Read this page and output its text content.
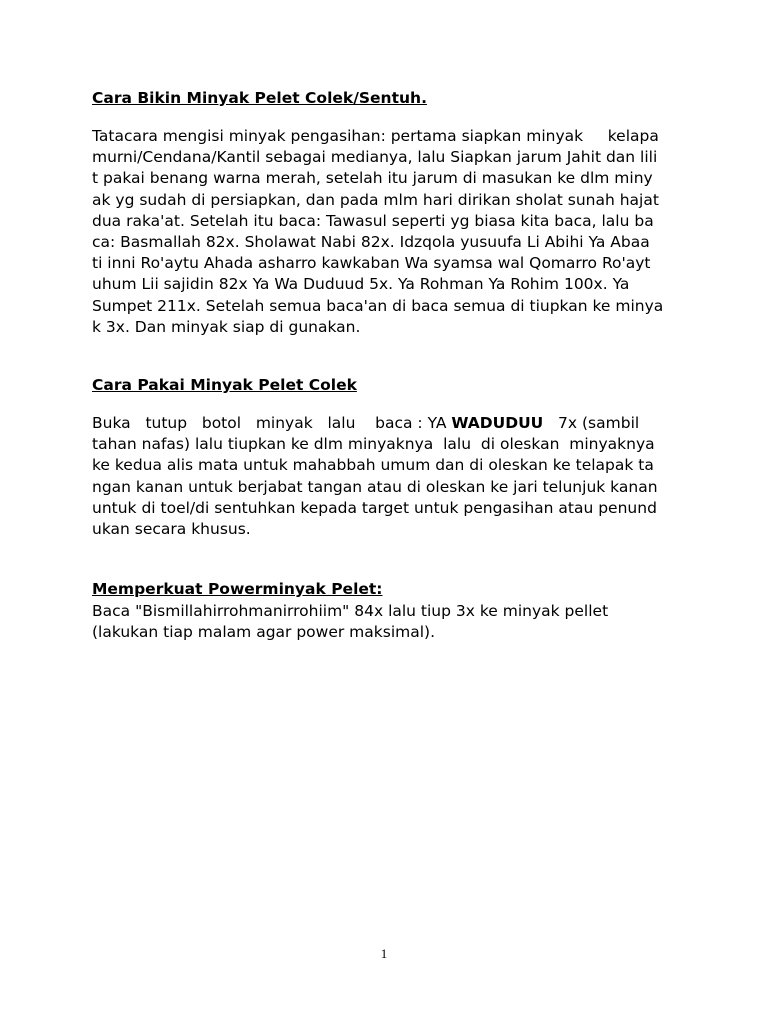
Cara Bikin Minyak Pelet Colek/Sentuh.
Tatacara mengisi minyak pengasihan: pertama siapkan minyak     kelapa
murni/Cendana/Kantil sebagai medianya, lalu Siapkan jarum Jahit dan lili
t pakai benang warna merah, setelah itu jarum di masukan ke dlm miny
ak yg sudah di persiapkan, dan pada mlm hari dirikan sholat sunah hajat
dua raka'at. Setelah itu baca: Tawasul seperti yg biasa kita baca, lalu ba
ca: Basmallah 82x. Sholawat Nabi 82x. Idzqola yusuufa Li Abihi Ya Abaa
ti inni Ro'aytu Ahada asharro kawkaban Wa syamsa wal Qomarro Ro'ayt
uhum Lii sajidin 82x Ya Wa Duduud 5x. Ya Rohman Ya Rohim 100x. Ya
Sumpet 211x. Setelah semua baca'an di baca semua di tiupkan ke minya
k 3x. Dan minyak siap di gunakan.
Cara Pakai Minyak Pelet Colek
Buka   tutup   botol   minyak   lalu    baca : YA WADUDUU   7x (sambil
tahan nafas) lalu tiupkan ke dlm minyaknya  lalu  di oleskan  minyaknya
ke kedua alis mata untuk mahabbah umum dan di oleskan ke telapak ta
ngan kanan untuk berjabat tangan atau di oleskan ke jari telunjuk kanan
untuk di toel/di sentuhkan kepada target untuk pengasihan atau penund
ukan secara khusus.
Memperkuat Powerminyak Pelet:
Baca "Bismillahirrohmanirrohiim" 84x lalu tiup 3x ke minyak pellet
(lakukan tiap malam agar power maksimal).
1
